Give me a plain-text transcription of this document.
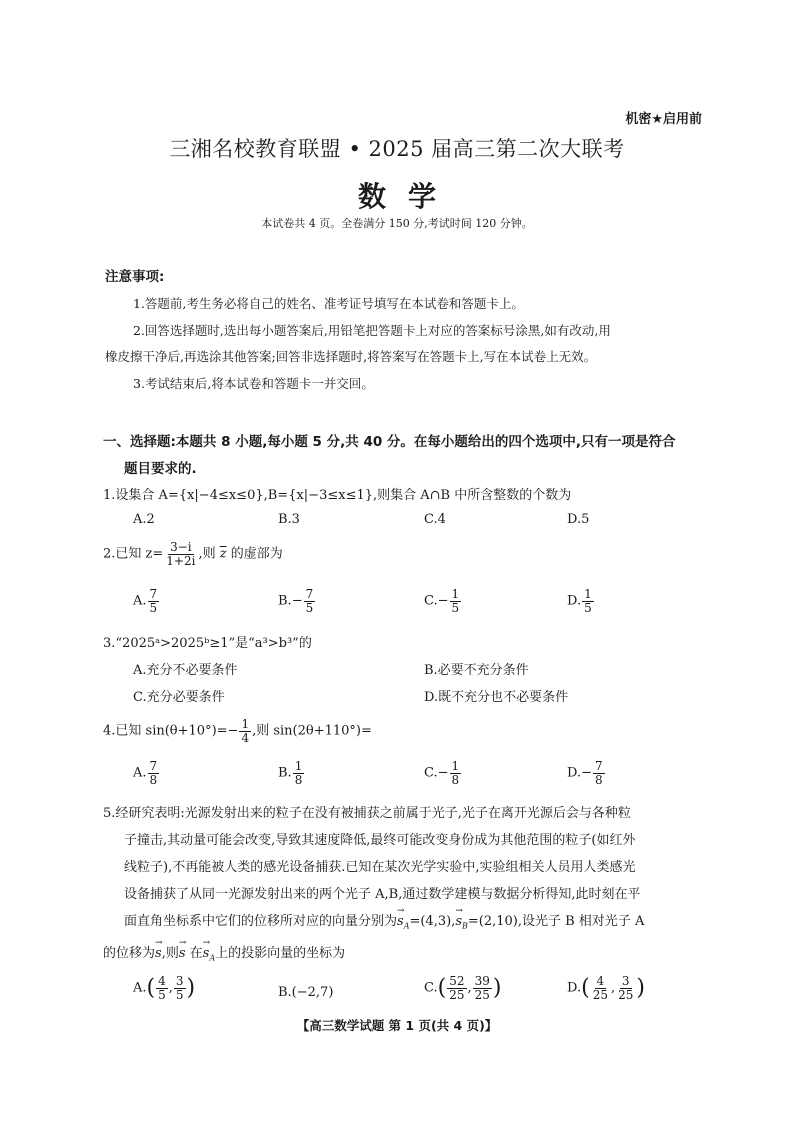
机密★启用前
三湘名校教育联盟 • 2025 届高三第二次大联考
数学
本试卷共 4 页。全卷满分 150 分,考试时间 120 分钟。
注意事项:
1.答题前,考生务必将自己的姓名、准考证号填写在本试卷和答题卡上。
2.回答选择题时,选出每小题答案后,用铅笔把答题卡上对应的答案标号涂黑,如有改动,用
橡皮擦干净后,再选涂其他答案;回答非选择题时,将答案写在答题卡上,写在本试卷上无效。
3.考试结束后,将本试卷和答题卡一并交回。
一、选择题:本题共 8 小题,每小题 5 分,共 40 分。在每小题给出的四个选项中,只有一项是符合
题目要求的.
1.设集合 A={x|−4≤x≤0},B={x|−3≤x≤1},则集合 A∩B 中所含整数的个数为
A.2	B.3	C.4	D.5
2.已知 $z= \frac{3-i}{1+2i}$ ,则 $\overline{z}$ 的虚部为
A. $\frac{7}{5}$	$B.- \frac{7}{5}$	$C.- \frac{1}{5}$	D. $\frac{1}{5}$
3.“2025ᵃ>2025ᵇ≥1”是“a³>b³”的
A.充分不必要条件	B.必要不充分条件
C.充分必要条件	D.既不充分也不必要条件
4.已知 $\sin(\theta+10^\circ)=- \frac{1}{4}$ ,则 sin(2θ+110°)=
A. $\frac{7}{8}$	B. $\frac{1}{8}$	$C.- \frac{1}{8}$	$D.- \frac{7}{8}$
5.经研究表明:光源发射出来的粒子在没有被捕获之前属于光子,光子在离开光源后会与各种粒
子撞击,其动量可能会改变,导致其速度降低,最终可能改变身份成为其他范围的粒子(如红外
线粒子),不再能被人类的感光设备捕获.已知在某次光学实验中,实验组相关人员用人类感光
设备捕获了从同一光源发射出来的两个光子 A,B,通过数学建模与数据分析得知,此时刻在平
面直角坐标系中它们的位移所对应的向量分别为→ $s_A=(4,3),\to s_B=(2,10)$,设光子 B 相对光子 A
的位移为→ s,则→ s 在→ $s_A$上的投影向量的坐标为
$A.( \frac{4}{5}$ , $\frac{3}{5}$ )	B.(−2,7)	$C.( \frac{52}{25}$ , $\frac{39}{25}$ )	$D.( \frac{4}{25}$ , $\frac{3}{25}$ )
【高三数学试题 第 1 页(共 4 页)】
